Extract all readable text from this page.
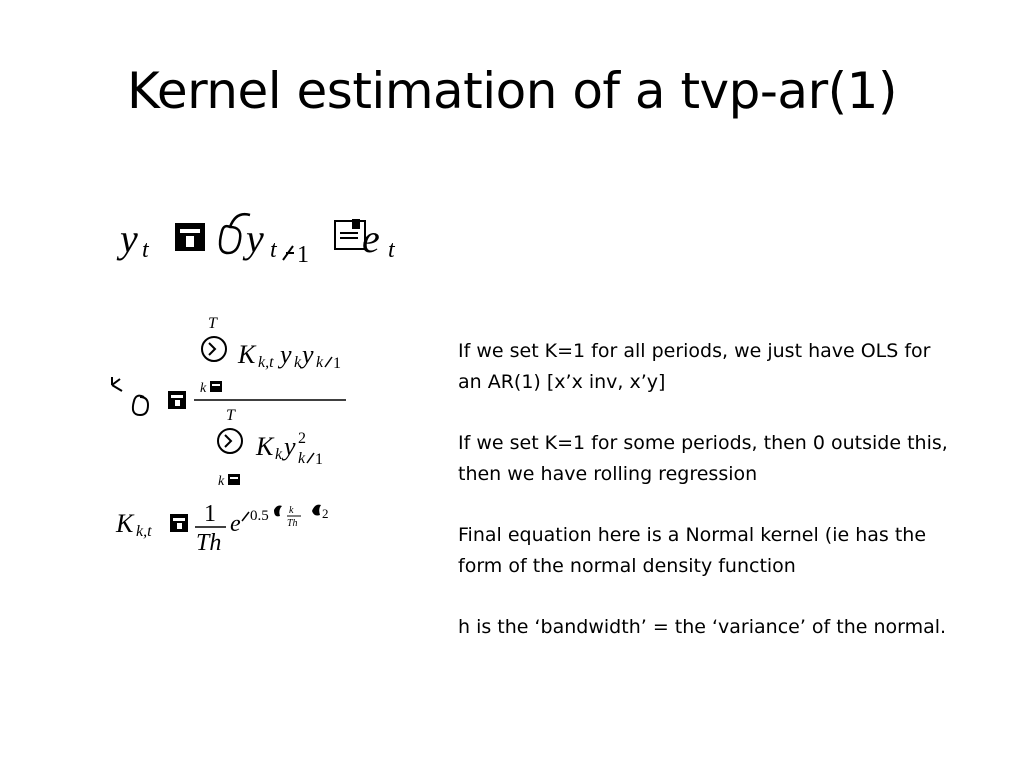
Kernel estimation of a tvp-ar(1)
y t y t 1 e t
T
K k,t y k y k 1
k
T
K k y 2
k 1
k
K k,t
1
Th
e 0.5 k
Th
2

If we set K=1 for all periods, we just have OLS for an AR(1) [x’x inv, x’y]

If we set K=1 for some periods, then 0 outside this, then we have rolling regression

Final equation here is a Normal kernel (ie has the form of the normal density function

h is the ‘bandwidth’ = the ‘variance’ of the normal.
